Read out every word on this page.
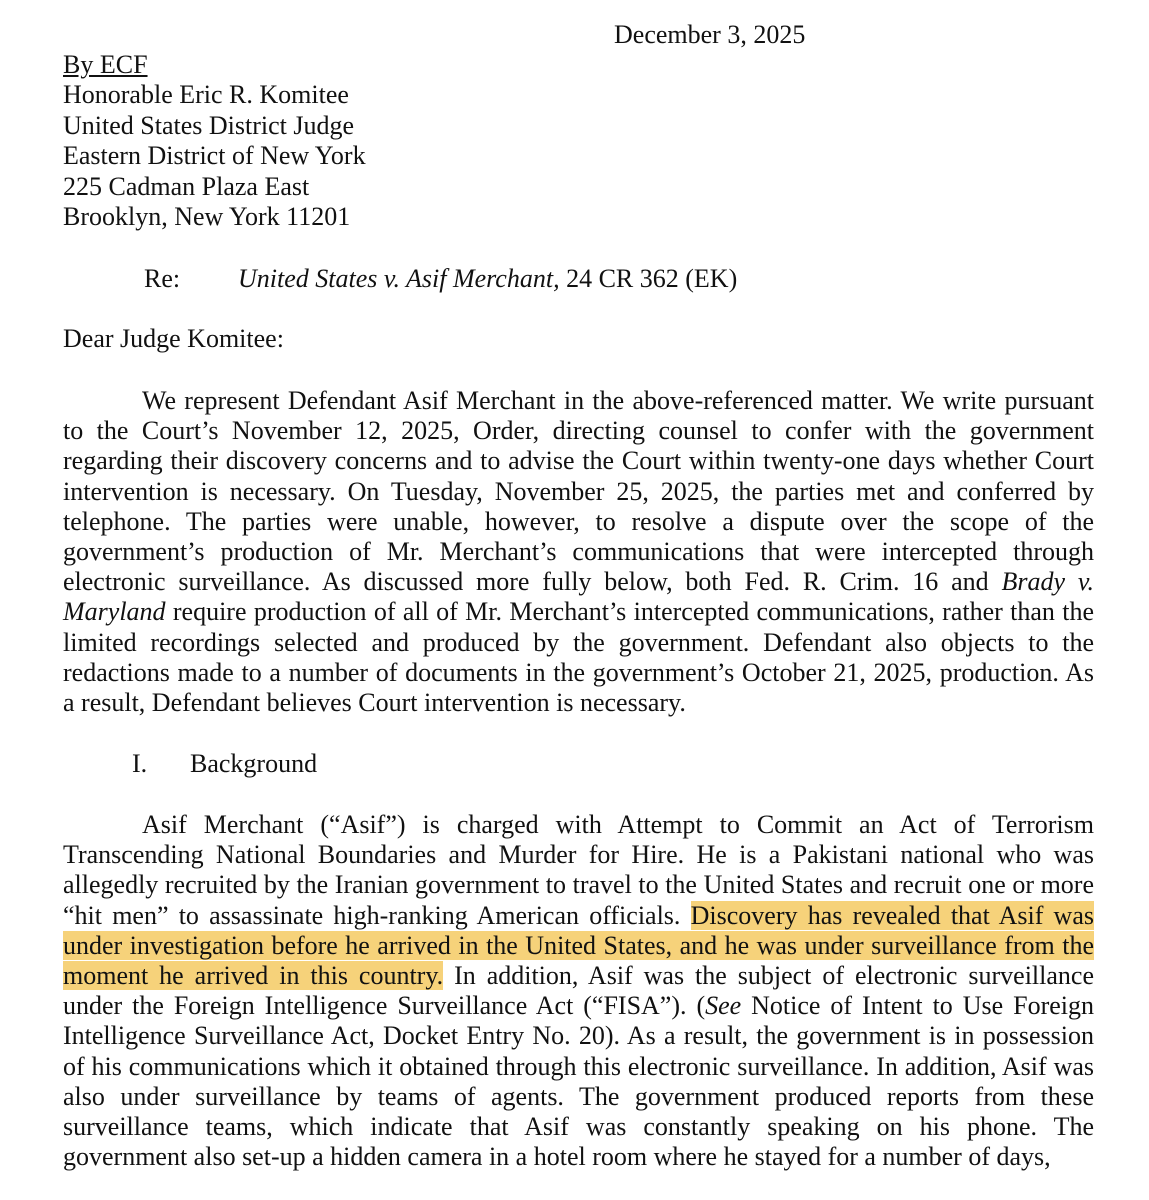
December 3, 2025
By ECF
Honorable Eric R. Komitee
United States District Judge
Eastern District of New York
225 Cadman Plaza East
Brooklyn, New York 11201
Re: United States v. Asif Merchant, 24 CR 362 (EK)
Dear Judge Komitee:
We represent Defendant Asif Merchant in the above-referenced matter. We write pursuant to the Court’s November 12, 2025, Order, directing counsel to confer with the government regarding their discovery concerns and to advise the Court within twenty-one days whether Court intervention is necessary. On Tuesday, November 25, 2025, the parties met and conferred by telephone. The parties were unable, however, to resolve a dispute over the scope of the government’s production of Mr. Merchant’s communications that were intercepted through electronic surveillance. As discussed more fully below, both Fed. R. Crim. 16 and Brady v. Maryland require production of all of Mr. Merchant’s intercepted communications, rather than the limited recordings selected and produced by the government. Defendant also objects to the redactions made to a number of documents in the government’s October 21, 2025, production. As a result, Defendant believes Court intervention is necessary.
I. Background
Asif Merchant (“Asif”) is charged with Attempt to Commit an Act of Terrorism Transcending National Boundaries and Murder for Hire. He is a Pakistani national who was allegedly recruited by the Iranian government to travel to the United States and recruit one or more “hit men” to assassinate high-ranking American officials. Discovery has revealed that Asif was under investigation before he arrived in the United States, and he was under surveillance from the moment he arrived in this country. In addition, Asif was the subject of electronic surveillance under the Foreign Intelligence Surveillance Act (“FISA”). (See Notice of Intent to Use Foreign Intelligence Surveillance Act, Docket Entry No. 20). As a result, the government is in possession of his communications which it obtained through this electronic surveillance. In addition, Asif was also under surveillance by teams of agents. The government produced reports from these surveillance teams, which indicate that Asif was constantly speaking on his phone. The government also set-up a hidden camera in a hotel room where he stayed for a number of days,
